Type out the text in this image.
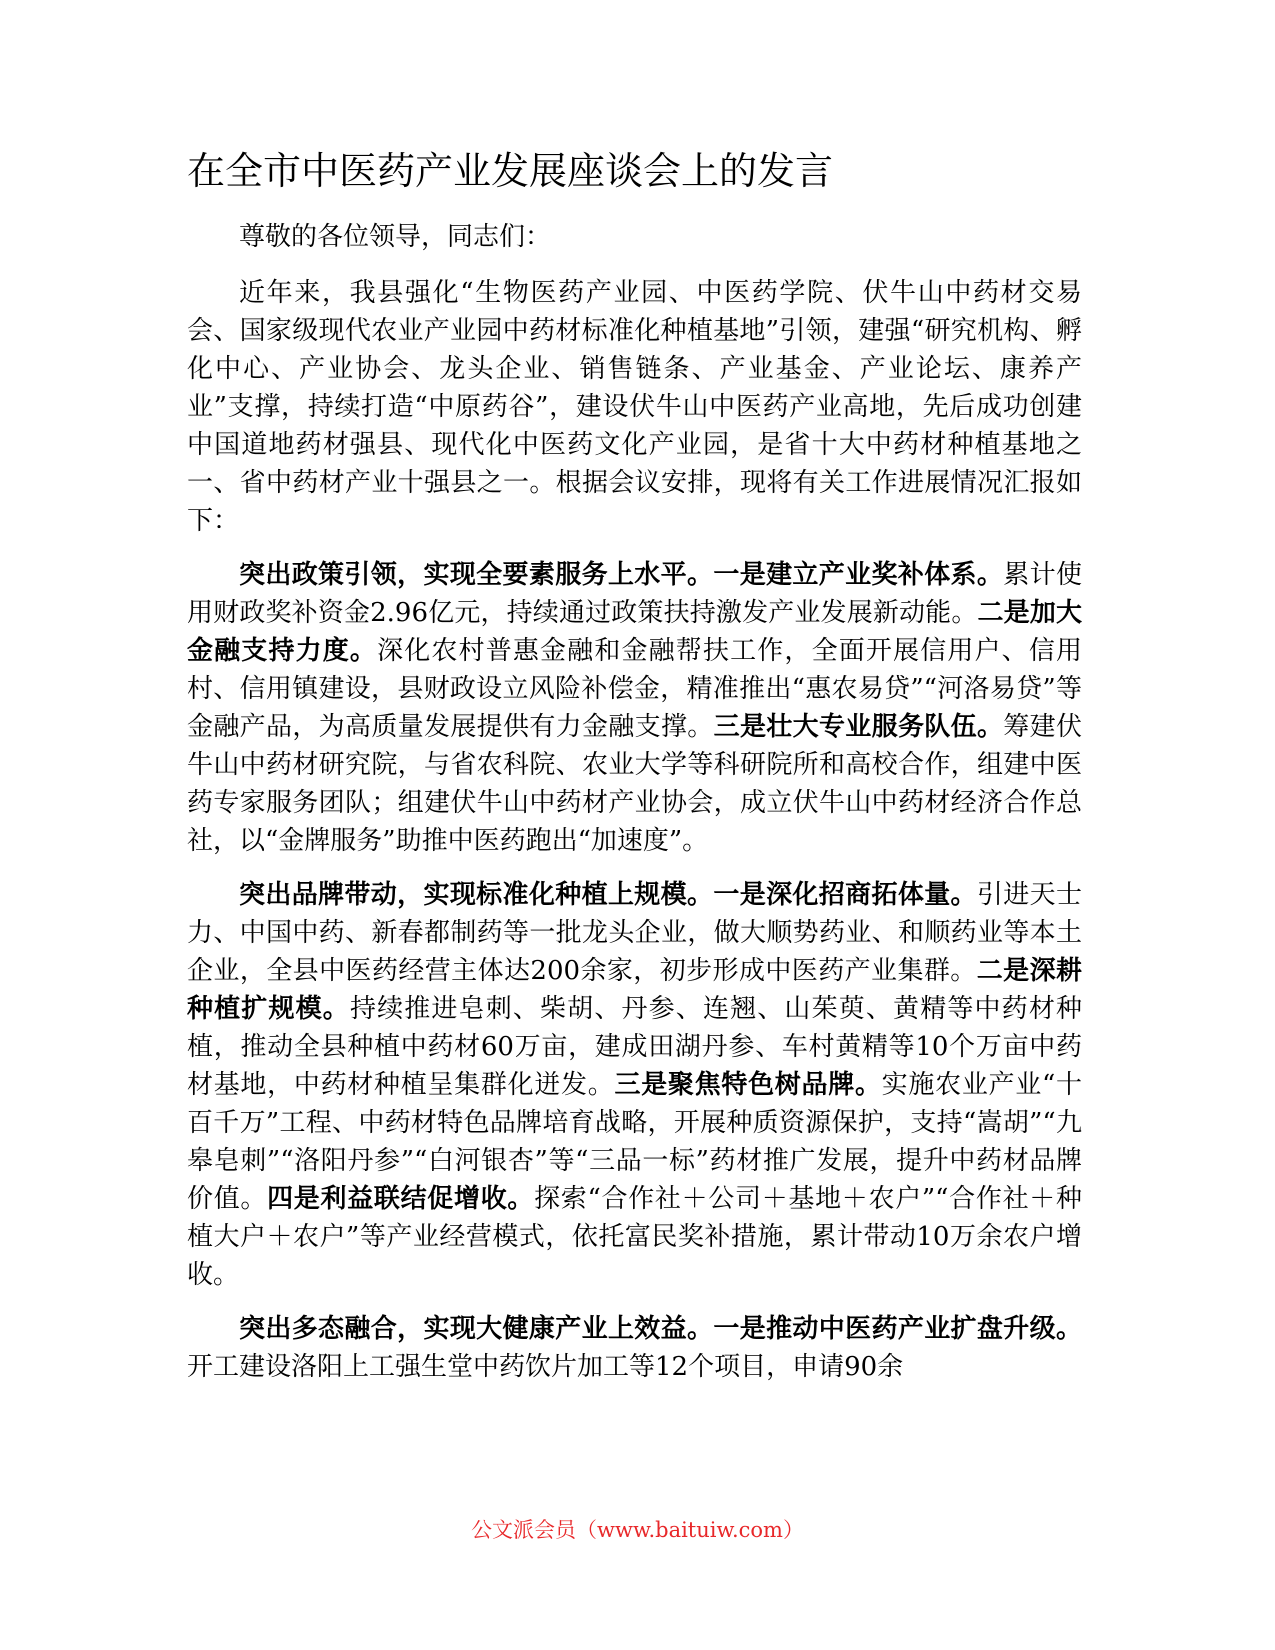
在全市中医药产业发展座谈会上的发言

尊敬的各位领导，同志们：

近年来，我县强化“生物医药产业园、中医药学院、伏牛山中药材交易会、国家级现代农业产业园中药材标准化种植基地”引领，建强“研究机构、孵化中心、产业协会、龙头企业、销售链条、产业基金、产业论坛、康养产业”支撑，持续打造“中原药谷”，建设伏牛山中医药产业高地，先后成功创建中国道地药材强县、现代化中医药文化产业园，是省十大中药材种植基地之一、省中药材产业十强县之一。根据会议安排，现将有关工作进展情况汇报如下：

突出政策引领，实现全要素服务上水平。一是建立产业奖补体系。累计使用财政奖补资金2.96亿元，持续通过政策扶持激发产业发展新动能。二是加大金融支持力度。深化农村普惠金融和金融帮扶工作，全面开展信用户、信用村、信用镇建设，县财政设立风险补偿金，精准推出“惠农易贷”“河洛易贷”等金融产品，为高质量发展提供有力金融支撑。三是壮大专业服务队伍。筹建伏牛山中药材研究院，与省农科院、农业大学等科研院所和高校合作，组建中医药专家服务团队；组建伏牛山中药材产业协会，成立伏牛山中药材经济合作总社，以“金牌服务”助推中医药跑出“加速度”。

突出品牌带动，实现标准化种植上规模。一是深化招商拓体量。引进天士力、中国中药、新春都制药等一批龙头企业，做大顺势药业、和顺药业等本土企业，全县中医药经营主体达200余家，初步形成中医药产业集群。二是深耕种植扩规模。持续推进皂刺、柴胡、丹参、连翘、山茱萸、黄精等中药材种植，推动全县种植中药材60万亩，建成田湖丹参、车村黄精等10个万亩中药材基地，中药材种植呈集群化迸发。三是聚焦特色树品牌。实施农业产业“十百千万”工程、中药材特色品牌培育战略，开展种质资源保护，支持“嵩胡”“九皋皂刺”“洛阳丹参”“白河银杏”等“三品一标”药材推广发展，提升中药材品牌价值。四是利益联结促增收。探索“合作社＋公司＋基地＋农户”“合作社＋种植大户＋农户”等产业经营模式，依托富民奖补措施，累计带动10万余农户增收。

突出多态融合，实现大健康产业上效益。一是推动中医药产业扩盘升级。开工建设洛阳上工强生堂中药饮片加工等12个项目，申请90余

公文派会员（www.baituiw.com）
